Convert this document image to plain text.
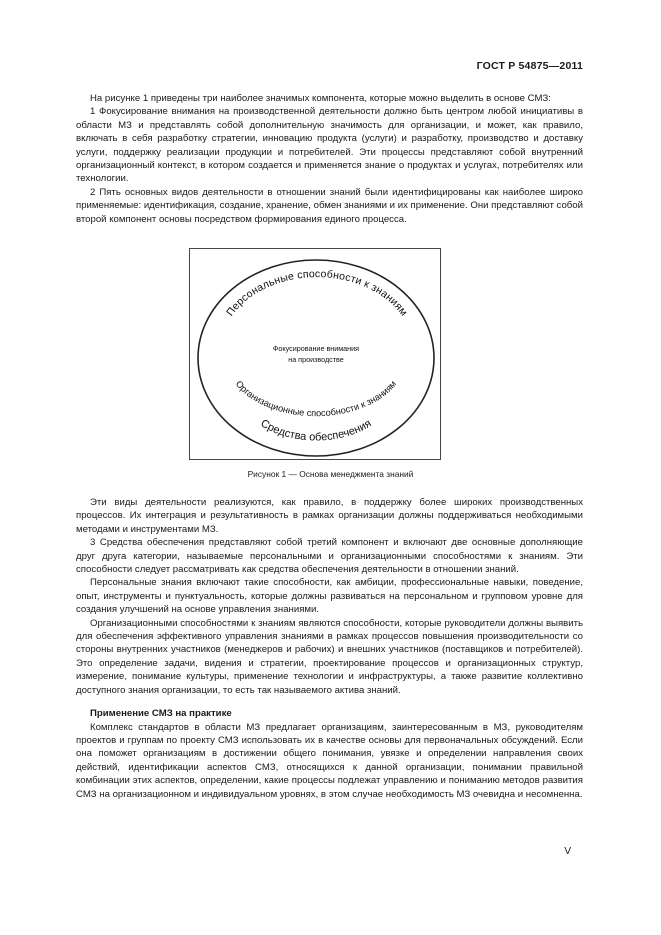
ГОСТ Р 54875—2011

На рисунке 1 приведены три наиболее значимых компонента, которые можно выделить в основе СМЗ:

1 Фокусирование внимания на производственной деятельности должно быть центром любой инициативы в области МЗ и представлять собой дополнительную значимость для организации, и может, как правило, включать в себя разработку стратегии, инновацию продукта (услуги) и разработку, производство и доставку услуги, поддержку реализации продукции и потребителей. Эти процессы представляют собой внутренний организационный контекст, в котором создается и применяется знание о продуктах и услугах, потребителях или технологии.

2 Пять основных видов деятельности в отношении знаний были идентифицированы как наиболее широко применяемые: идентификация, создание, хранение, обмен знаниями и их применение. Они представляют собой второй компонент основы посредством формирования единого процесса.

Персональные способности к знаниям
Фокусирование внимания
на производстве
Организационные способности к знаниям
Средства обеспечения
Рисунок 1 — Основа менеджмента знаний

Эти виды деятельности реализуются, как правило, в поддержку более широких производственных процессов. Их интеграция и результативность в рамках организации должны поддерживаться необходимыми методами и инструментами МЗ.

3 Средства обеспечения представляют собой третий компонент и включают две основные дополняющие друг друга категории, называемые персональными и организационными способностями к знаниям. Эти способности следует рассматривать как средства обеспечения деятельности в отношении знаний.

Персональные знания включают такие способности, как амбиции, профессиональные навыки, поведение, опыт, инструменты и пунктуальность, которые должны развиваться на персональном и групповом уровне для создания улучшений на основе управления знаниями.

Организационными способностями к знаниям являются способности, которые руководители должны выявить для обеспечения эффективного управления знаниями в рамках процессов повышения производительности со стороны внутренних участников (менеджеров и рабочих) и внешних участников (поставщиков и потребителей). Это определение задачи, видения и стратегии, проектирование процессов и организационных структур, измерение, понимание культуры, применение технологии и инфраструктуры, а также развитие коллективно доступного знания организации, то есть так называемого актива знаний.

Применение СМЗ на практике

Комплекс стандартов в области МЗ предлагает организациям, заинтересованным в МЗ, руководителям проектов и группам по проекту СМЗ использовать их в качестве основы для первоначальных обсуждений. Если она поможет организациям в достижении общего понимания, увязке и определении направления своих действий, идентификации аспектов СМЗ, относящихся к данной организации, понимании правильной комбинации этих аспектов, определении, какие процессы подлежат управлению и пониманию методов развития СМЗ на организационном и индивидуальном уровнях, в этом случае необходимость МЗ очевидна и несомненна.

V
